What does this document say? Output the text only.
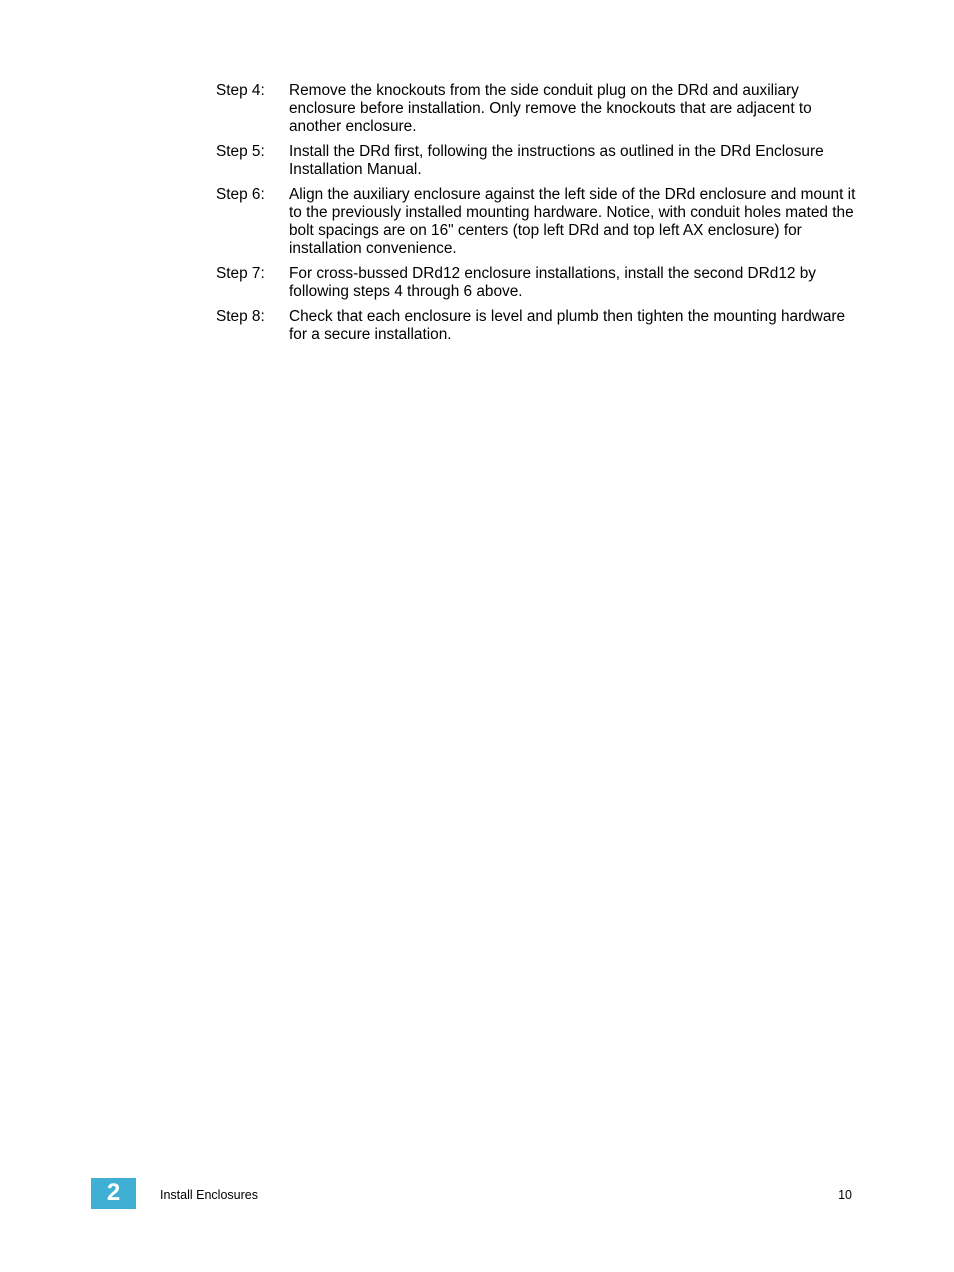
Step 4:	Remove the knockouts from the side conduit plug on the DRd and auxiliary enclosure before installation. Only remove the knockouts that are adjacent to another enclosure.
Step 5:	Install the DRd first, following the instructions as outlined in the DRd Enclosure Installation Manual.
Step 6:	Align the auxiliary enclosure against the left side of the DRd enclosure and mount it to the previously installed mounting hardware. Notice, with conduit holes mated the bolt spacings are on 16" centers (top left DRd and top left AX enclosure) for installation convenience.
Step 7:	For cross-bussed DRd12 enclosure installations, install the second DRd12 by following steps 4 through 6 above.
Step 8:	Check that each enclosure is level and plumb then tighten the mounting hardware for a secure installation.
2	Install Enclosures	10
